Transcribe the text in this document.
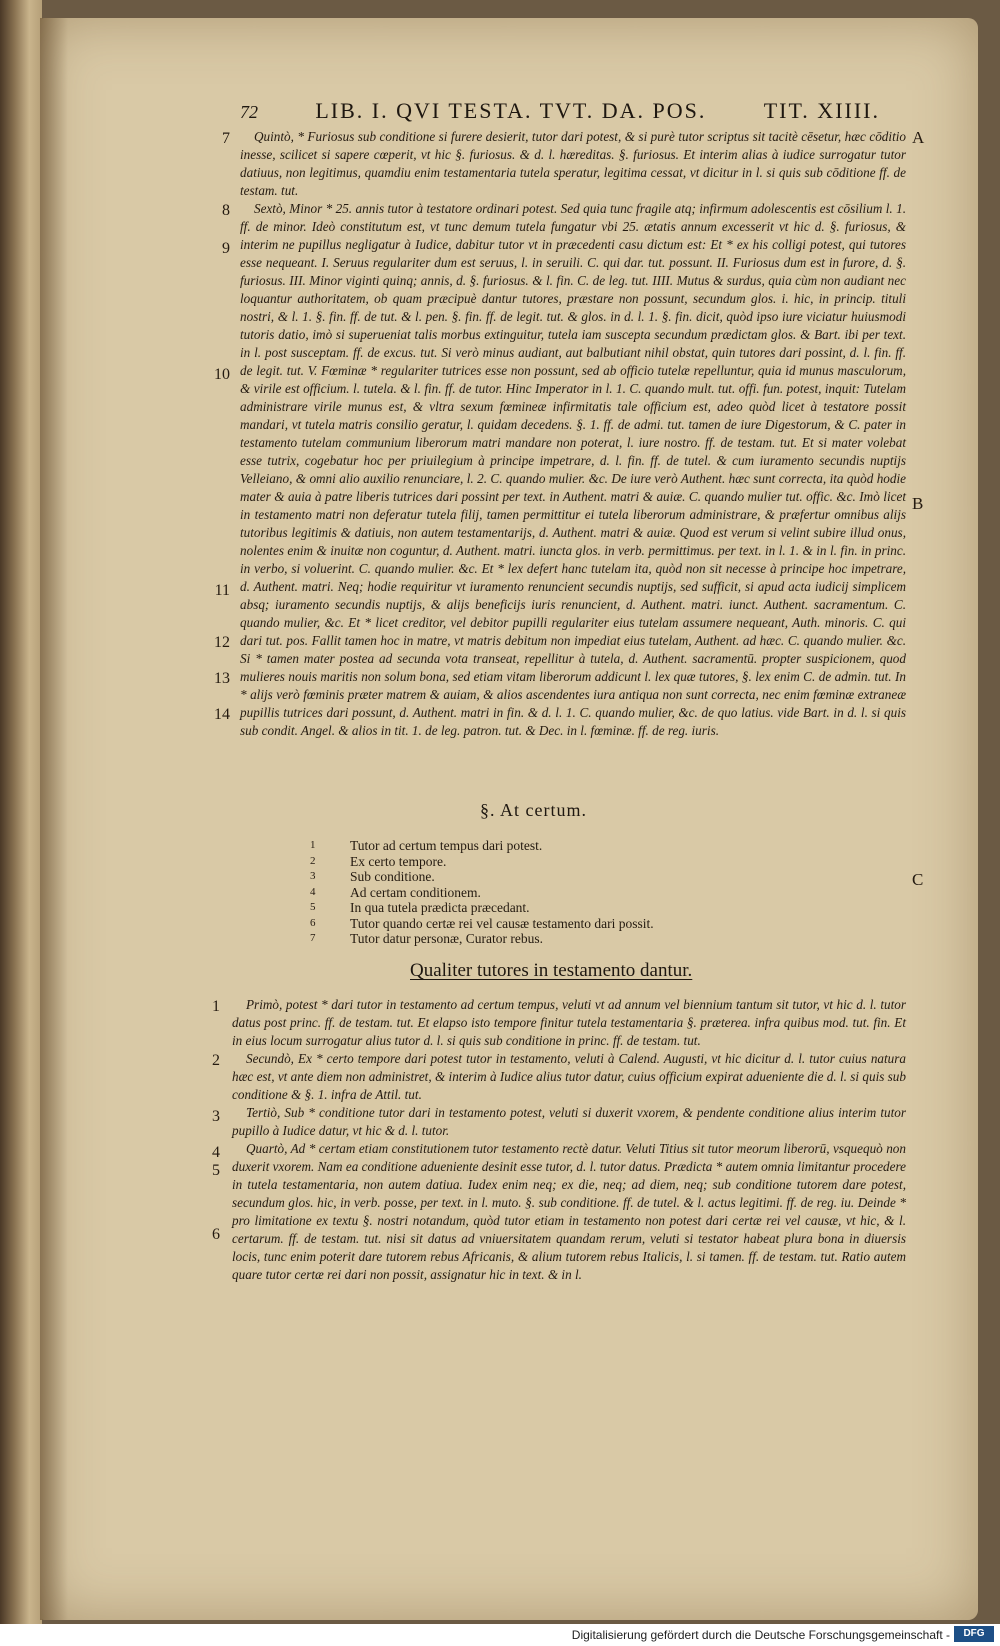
72	LIB. I. QVI TESTA. TVT. DA. POS.	TIT. XIIII.
A
B
C
7
8
9
10
11
12
13
14

Quintò, * Furiosus sub conditione si furere desierit, tutor dari potest, & si purè tutor scriptus sit tacitè cēsetur, hæc cōditio inesse, scilicet si sapere cœperit, vt hic §. furiosus. & d. l. hæreditas. §. furiosus. Et interim alias à iudice surrogatur tutor datiuus, non legitimus, quamdiu enim testamentaria tutela speratur, legitima cessat, vt dicitur in l. si quis sub cōditione ff. de testam. tut.

Sextò, Minor * 25. annis tutor à testatore ordinari potest. Sed quia tunc fragile atq; infirmum adolescentis est cōsilium l. 1. ff. de minor. Ideò constitutum est, vt tunc demum tutela fungatur vbi 25. ætatis annum excesserit vt hic d. §. furiosus, & interim ne pupillus negligatur à Iudice, dabitur tutor vt in præcedenti casu dictum est: Et * ex his colligi potest, qui tutores esse nequeant. I. Seruus regulariter dum est seruus, l. in seruili. C. qui dar. tut. possunt. II. Furiosus dum est in furore, d. §. furiosus. III. Minor viginti quinq; annis, d. §. furiosus. & l. fin. C. de leg. tut. IIII. Mutus & surdus, quia cùm non audiant nec loquantur authoritatem, ob quam præcipuè dantur tutores, præstare non possunt, secundum glos. i. hic, in princip. tituli nostri, & l. 1. §. fin. ff. de tut. & l. pen. §. fin. ff. de legit. tut. & glos. in d. l. 1. §. fin. dicit, quòd ipso iure viciatur huiusmodi tutoris datio, imò si superueniat talis morbus extinguitur, tutela iam susceptа secundum prædictam glos. & Bart. ibi per text. in l. post susceptam. ff. de excus. tut. Si verò minus audiant, aut balbutiant nihil obstat, quin tutores dari possint, d. l. fin. ff. de legit. tut. V. Fœminæ * regulariter tutrices esse non possunt, sed ab officio tutelæ repelluntur, quia id munus masculorum, & virile est officium. l. tutela. & l. fin. ff. de tutor. Hinc Imperator in l. 1. C. quando mult. tut. offi. fun. potest, inquit: Tutelam administrare virile munus est, & vltra sexum fœmineæ infirmitatis tale officium est, adeo quòd licet à testatore possit mandari, vt tutela matris consilio geratur, l. quidam decedens. §. 1. ff. de admi. tut. tamen de iure Digestorum, & C. pater in testamento tutelam communium liberorum matri mandare non poterat, l. iure nostro. ff. de testam. tut. Et si mater volebat esse tutrix, cogebatur hoc per priuilegium à principe impetrare, d. l. fin. ff. de tutel. & cum iuramento secundis nuptijs Velleiano, & omni alio auxilio renunciare, l. 2. C. quando mulier. &c. De iure verò Authent. hæc sunt correcta, ita quòd hodie mater & auia à patre liberis tutrices dari possint per text. in Authent. matri & auiæ. C. quando mulier tut. offic. &c. Imò licet in testamento matri non deferatur tutela filij, tamen permittitur ei tutela liberorum administrare, & præfertur omnibus alijs tutoribus legitimis & datiuis, non autem testamentarijs, d. Authent. matri & auiæ. Quod est verum si velint subire illud onus, nolentes enim & inuitæ non coguntur, d. Authent. matri. iuncta glos. in verb. permittimus. per text. in l. 1. & in l. fin. in princ. in verbo, si voluerint. C. quando mulier. &c. Et * lex defert hanc tutelam ita, quòd non sit necesse à principe hoc impetrare, d. Authent. matri. Neq; hodie requiritur vt iuramento renuncient secundis nuptijs, sed sufficit, si apud acta iudicij simplicem absq; iuramento secundis nuptijs, & alijs beneficijs iuris renuncient, d. Authent. matri. iunct. Authent. sacramentum. C. quando mulier, &c. Et * licet creditor, vel debitor pupilli regulariter eius tutelam assumere nequeant, Auth. minoris. C. qui dari tut. pos. Fallit tamen hoc in matre, vt matris debitum non impediat eius tutelam, Authent. ad hæc. C. quando mulier. &c. Si * tamen mater postea ad secunda vota transeat, repellitur à tutela, d. Authent. sacramentū. propter suspicionem, quod mulieres nouis maritis non solum bona, sed etiam vitam liberorum addicunt l. lex quæ tutores, §. lex enim C. de admin. tut. In * alijs verò fœminis præter matrem & auiam, & alios ascendentes iura antiqua non sunt correcta, nec enim fœminæ extraneæ pupillis tutrices dari possunt, d. Authent. matri in fin. & d. l. 1. C. quando mulier, &c. de quo latius. vide Bart. in d. l. si quis sub condit. Angel. & alios in tit. 1. de leg. patron. tut. & Dec. in l. fœminæ. ff. de reg. iuris.

§. At certum.
1	Tutor ad certum tempus dari potest.
2	Ex certo tempore.
3	Sub conditione.
4	Ad certam conditionem.
5	In qua tutela prædicta præcedant.
6	Tutor quando certæ rei vel causæ testamento dari possit.
7	Tutor datur personæ, Curator rebus.
Qualiter tutores in testamento dantur.
1
2
3
4
6

Primò, potest * dari tutor in testamento ad certum tempus, veluti vt ad annum vel biennium tantum sit tutor, vt hic d. l. tutor datus post princ. ff. de testam. tut. Et elapso isto tempore finitur tutela testamentaria §. præterea. infra quibus mod. tut. fin. Et in eius locum surrogatur alius tutor d. l. si quis sub conditione in princ. ff. de testam. tut.

Secundò, Ex * certo tempore dari potest tutor in testamento, veluti à Calend. Augusti, vt hic dicitur d. l. tutor cuius natura hæc est, vt ante diem non administret, & interim à Iudice alius tutor datur, cuius officium expirat adueniente die d. l. si quis sub conditione & §. 1. infra de Attil. tut.

Tertiò, Sub * conditione tutor dari in testamento potest, veluti si duxerit vxorem, & pendente conditione alius interim tutor pupillo à Iudice datur, vt hic & d. l. tutor.

Quartò, Ad * certam etiam constitutionem tutor testamento rectè datur. Veluti Titius sit tutor meorum liberorū, vsquequò non duxerit vxorem. Nam ea conditione adueniente desinit esse tutor, d. l. tutor datus. Prædicta * autem omnia limitantur procedere in tutela testamentaria, non autem datiua. Iudex enim neq; ex die, neq; ad diem, neq; sub conditione tutorem dare potest, secundum glos. hic, in verb. posse, per text. in l. muto. §. sub conditione. ff. de tutel. & l. actus legitimi. ff. de reg. iu. Deinde * pro limitatione ex textu §. nostri notandum, quòd tutor etiam in testamento non potest dari certæ rei vel causæ, vt hic, & l. certarum. ff. de testam. tut. nisi sit datus ad vniuersitatem quandam rerum, veluti si testator habeat plura bona in diuersis locis, tunc enim poterit dare tutorem rebus Africanis, & alium tutorem rebus Italicis, l. si tamen. ff. de testam. tut. Ratio autem quare tutor certæ rei dari non possit, assignatur hic in text. & in l.

5
Digitalisierung gefördert durch die Deutsche Forschungsgemeinschaft -	DFG
